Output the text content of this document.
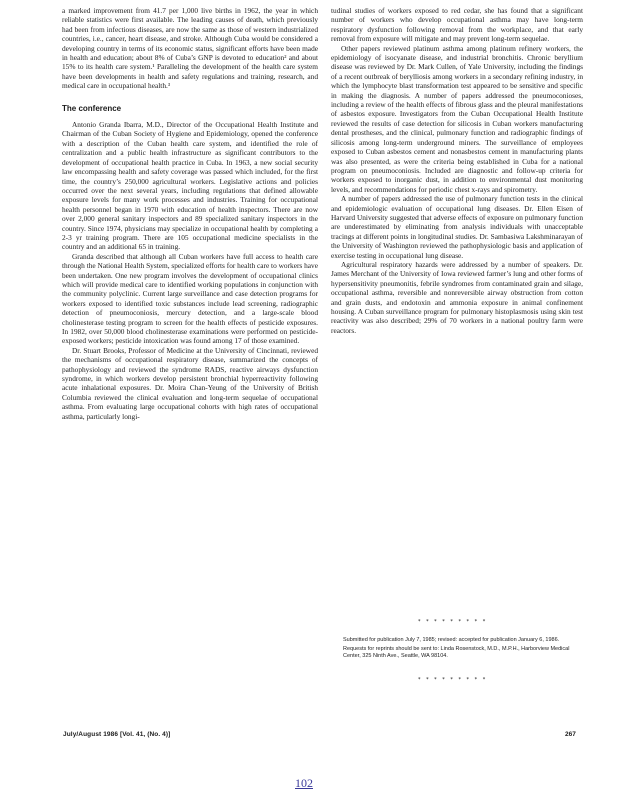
a marked improvement from 41.7 per 1,000 live births in 1962, the year in which reliable statistics were first available. The leading causes of death, which previously had been from infectious diseases, are now the same as those of western industrialized countries, i.e., cancer, heart disease, and stroke. Although Cuba would be considered a developing country in terms of its economic status, significant efforts have been made in health and education; about 8% of Cuba’s GNP is devoted to education² and about 15% to its health care system.¹ Paralleling the development of the health care system have been developments in health and safety regulations and training, research, and medical care in occupational health.³

The conference

Antonio Granda Ibarra, M.D., Director of the Occupational Health Institute and Chairman of the Cuban Society of Hygiene and Epidemiology, opened the conference with a description of the Cuban health care system, and identified the role of centralization and a public health infrastructure as significant contributors to the development of occupational health practice in Cuba. In 1963, a new social security law encompassing health and safety coverage was passed which included, for the first time, the country’s 250,000 agricultural workers. Legislative actions and policies occurred over the next several years, including regulations that defined allowable exposure levels for many work processes and industries. Training for occupational health personnel began in 1970 with education of health inspectors. There are now over 2,000 general sanitary inspectors and 89 specialized sanitary inspectors in the country. Since 1974, physicians may specialize in occupational health by completing a 2-3 yr training program. There are 105 occupational medicine specialists in the country and an additional 65 in training.

Granda described that although all Cuban workers have full access to health care through the National Health System, specialized efforts for health care to workers have been undertaken. One new program involves the development of occupational clinics which will provide medical care to identified working populations in conjunction with the community polyclinic. Current large surveillance and case detection programs for workers exposed to identified toxic substances include lead screening, radiographic detection of pneumoconiosis, mercury detection, and a large-scale blood cholinesterase testing program to screen for the health effects of pesticide exposures. In 1982, over 50,000 blood cholinesterase examinations were performed on pesticide-exposed workers; pesticide intoxication was found among 17 of those examined.

Dr. Stuart Brooks, Professor of Medicine at the University of Cincinnati, reviewed the mechanisms of occupational respiratory disease, summarized the concepts of pathophysiology and reviewed the syndrome RADS, reactive airways dysfunction syndrome, in which workers develop persistent bronchial hyperreactivity following acute inhalational exposures. Dr. Moira Chan-Yeung of the University of British Columbia reviewed the clinical evaluation and long-term sequelae of occupational asthma. From evaluating large occupational cohorts with high rates of occupational asthma, particularly longi-

tudinal studies of workers exposed to red cedar, she has found that a significant number of workers who develop occupational asthma may have long-term respiratory dysfunction following removal from the workplace, and that early removal from exposure will mitigate and may prevent long-term sequelae.

Other papers reviewed platinum asthma among platinum refinery workers, the epidemiology of isocyanate disease, and industrial bronchitis. Chronic beryllium disease was reviewed by Dr. Mark Cullen, of Yale University, including the findings of a recent outbreak of berylliosis among workers in a secondary refining industry, in which the lymphocyte blast transformation test appeared to be sensitive and specific in making the diagnosis. A number of papers addressed the pneumoconioses, including a review of the health effects of fibrous glass and the pleural manifestations of asbestos exposure. Investigators from the Cuban Occupational Health Institute reviewed the results of case detection for silicosis in Cuban workers manufacturing dental prostheses, and the clinical, pulmonary function and radiographic findings of silicosis among long-term underground miners. The surveillance of employees exposed to Cuban asbestos cement and nonasbestos cement in manufacturing plants was also presented, as were the criteria being established in Cuba for a national program on pneumoconiosis. Included are diagnostic and follow-up criteria for workers exposed to inorganic dust, in addition to environmental dust monitoring levels, and recommendations for periodic chest x-rays and spirometry.

A number of papers addressed the use of pulmonary function tests in the clinical and epidemiologic evaluation of occupational lung diseases. Dr. Ellen Eisen of Harvard University suggested that adverse effects of exposure on pulmonary function are underestimated by eliminating from analysis individuals with unacceptable tracings at different points in longitudinal studies. Dr. Sambasiwa Lakshminarayan of the University of Washington reviewed the pathophysiologic basis and application of exercise testing in occupational lung disease.

Agricultural respiratory hazards were addressed by a number of speakers. Dr. James Merchant of the University of Iowa reviewed farmer’s lung and other forms of hypersensitivity pneumonitis, febrile syndromes from contaminated grain and silage, occupational asthma, reversible and nonreversible airway obstruction from cotton and grain dusts, and endotoxin and ammonia exposure in animal confinement housing. A Cuban surveillance program for pulmonary histoplasmosis using skin test reactivity was also described; 29% of 70 workers in a national poultry farm were reactors.

* * * * * * * * *

Submitted for publication July 7, 1985; revised: accepted for publication January 6, 1986.

Requests for reprints should be sent to: Linda Rosenstock, M.D., M.P.H., Harborview Medical Center, 325 Ninth Ave., Seattle, WA 98104.

* * * * * * * * *
July/August 1986 [Vol. 41, (No. 4)]	267
102
